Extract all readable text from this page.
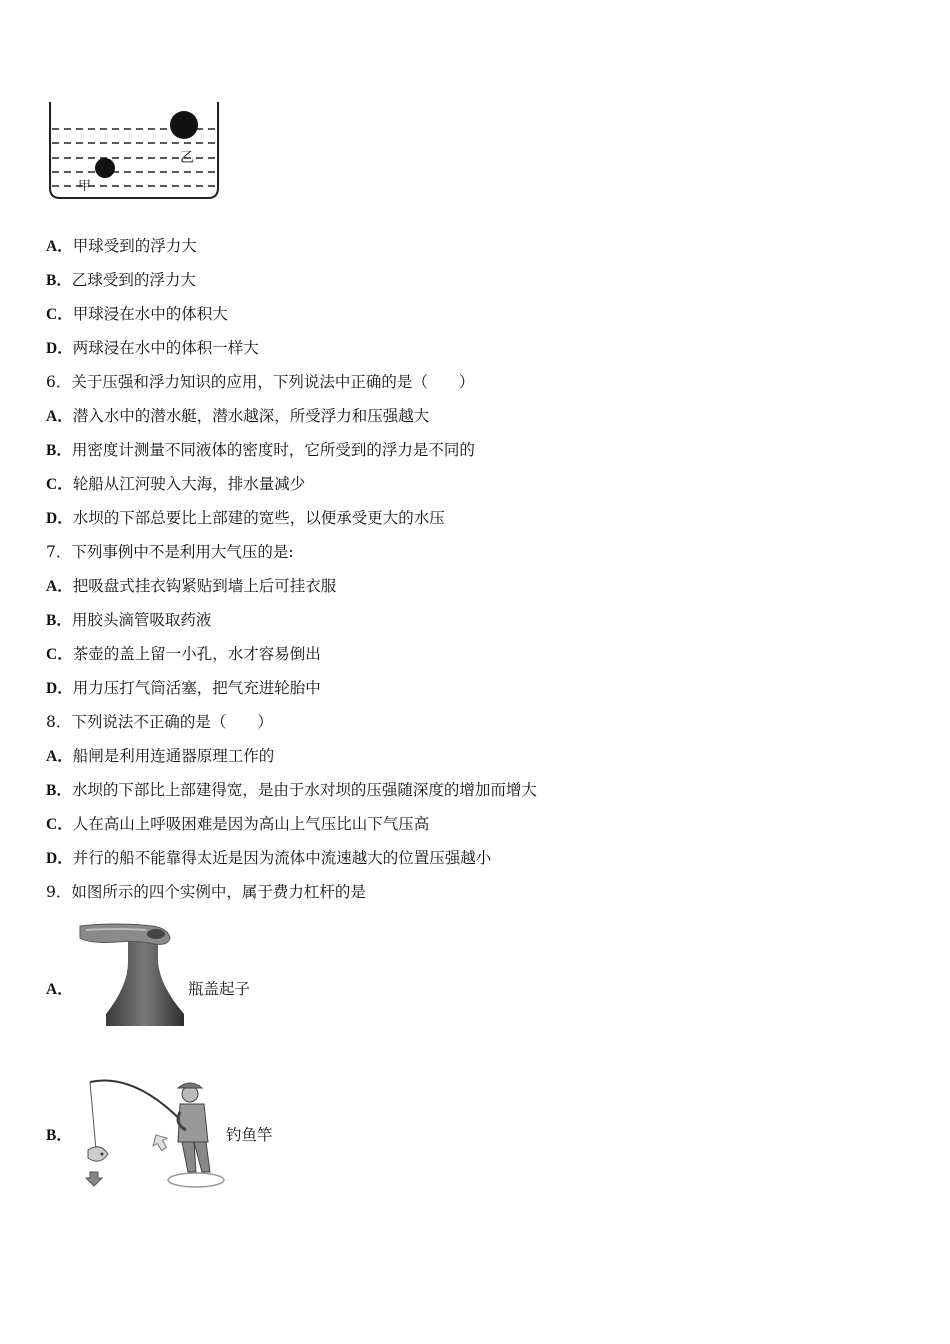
乙
甲
A．甲球受到的浮力大
B．乙球受到的浮力大
C．甲球浸在水中的体积大
D．两球浸在水中的体积一样大
6．关于压强和浮力知识的应用，下列说法中正确的是（　　）
A．潜入水中的潜水艇，潜水越深，所受浮力和压强越大
B．用密度计测量不同液体的密度时，它所受到的浮力是不同的
C．轮船从江河驶入大海，排水量减少
D．水坝的下部总要比上部建的宽些，以便承受更大的水压
7．下列事例中不是利用大气压的是:
A．把吸盘式挂衣钩紧贴到墙上后可挂衣服
B．用胶头滴管吸取药液
C．茶壶的盖上留一小孔，水才容易倒出
D．用力压打气筒活塞，把气充进轮胎中
8．下列说法不正确的是（　　）
A．船闸是利用连通器原理工作的
B．水坝的下部比上部建得宽，是由于水对坝的压强随深度的增加而增大
C．人在高山上呼吸困难是因为高山上气压比山下气压高
D．并行的船不能靠得太近是因为流体中流速越大的位置压强越小
9．如图所示的四个实例中，属于费力杠杆的是
A．	瓶盖起子
B．	钓鱼竿
